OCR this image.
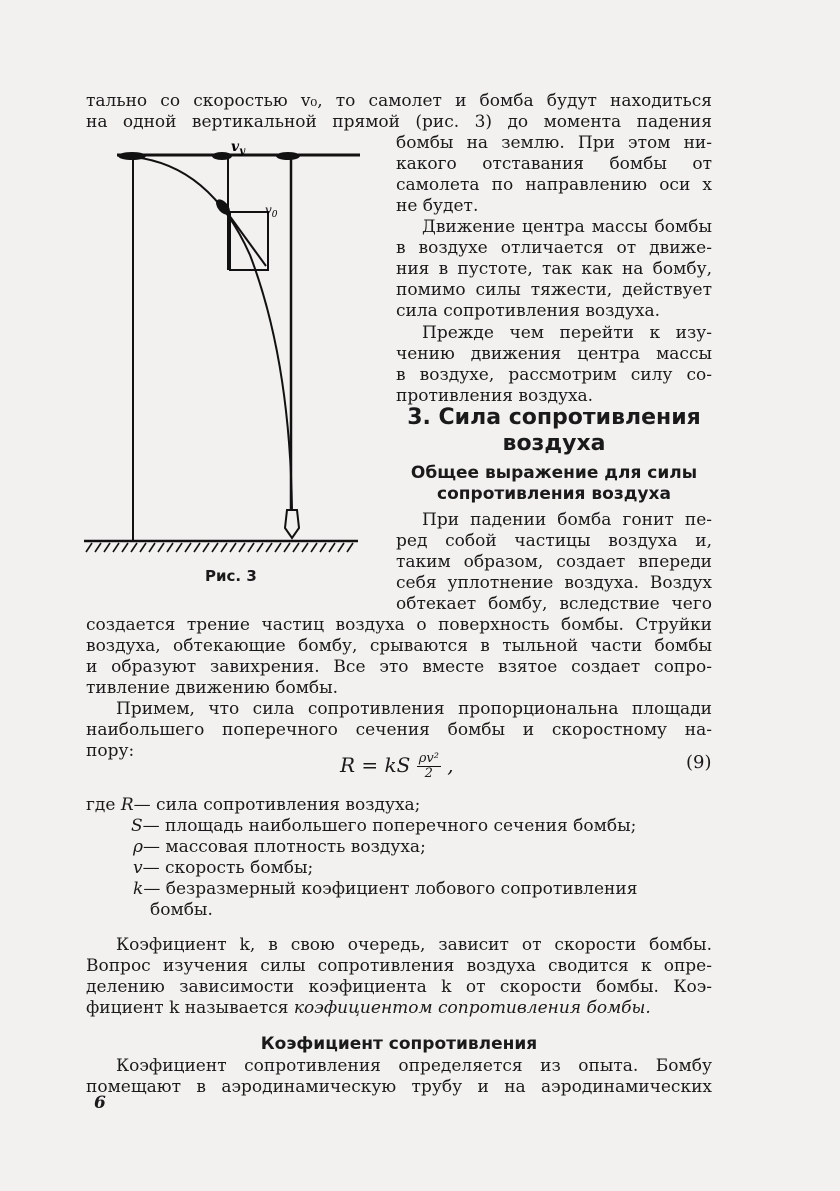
$v_y$
$v_0$
Рис. 3
тально со скоростью v₀, то самолет и бомба будут находиться
на одной вертикальной прямой (рис. 3) до момента падения
бомбы на землю. При этом ни-
какого отставания бомбы от
самолета по направлению оси x
не будет.
Движение центра массы бомбы
в воздухе отличается от движе-
ния в пустоте, так как на бомбу,
помимо силы тяжести, действует
сила сопротивления воздуха.
Прежде чем перейти к изу-
чению движения центра массы
в воздухе, рассмотрим силу со-
противления воздуха.
3. Сила сопротивления
воздуха
Общее выражение для силы
сопротивления воздуха
При падении бомба гонит пе-
ред собой частицы воздуха и,
таким образом, создает впереди
себя уплотнение воздуха. Воздух
обтекает бомбу, вследствие чего
создается трение частиц воздуха о поверхность бомбы. Струйки
воздуха, обтекающие бомбу, срываются в тыльной части бомбы
и образуют завихрения. Все это вместе взятое создает сопро-
тивление движению бомбы.
Примем, что сила сопротивления пропорциональна площади
наибольшего поперечного сечения бомбы и скоростному на-
пору:
R = kS $\frac{\text{ρv²}}{2}$ ,	(9)
где R— сила сопротивления воздуха;
S— площадь наибольшего поперечного сечения бомбы;
ρ— массовая плотность воздуха;
v— скорость бомбы;
k— безразмерный коэфициент лобового сопротивления
бомбы.
Коэфициент k, в свою очередь, зависит от скорости бомбы.
Вопрос изучения силы сопротивления воздуха сводится к опре-
делению зависимости коэфициента k от скорости бомбы. Коэ-
фициент k называется коэфициентом сопротивления бомбы.
Коэфициент сопротивления
Коэфициент сопротивления определяется из опыта. Бомбу
помещают в аэродинамическую трубу и на аэродинамических
6
